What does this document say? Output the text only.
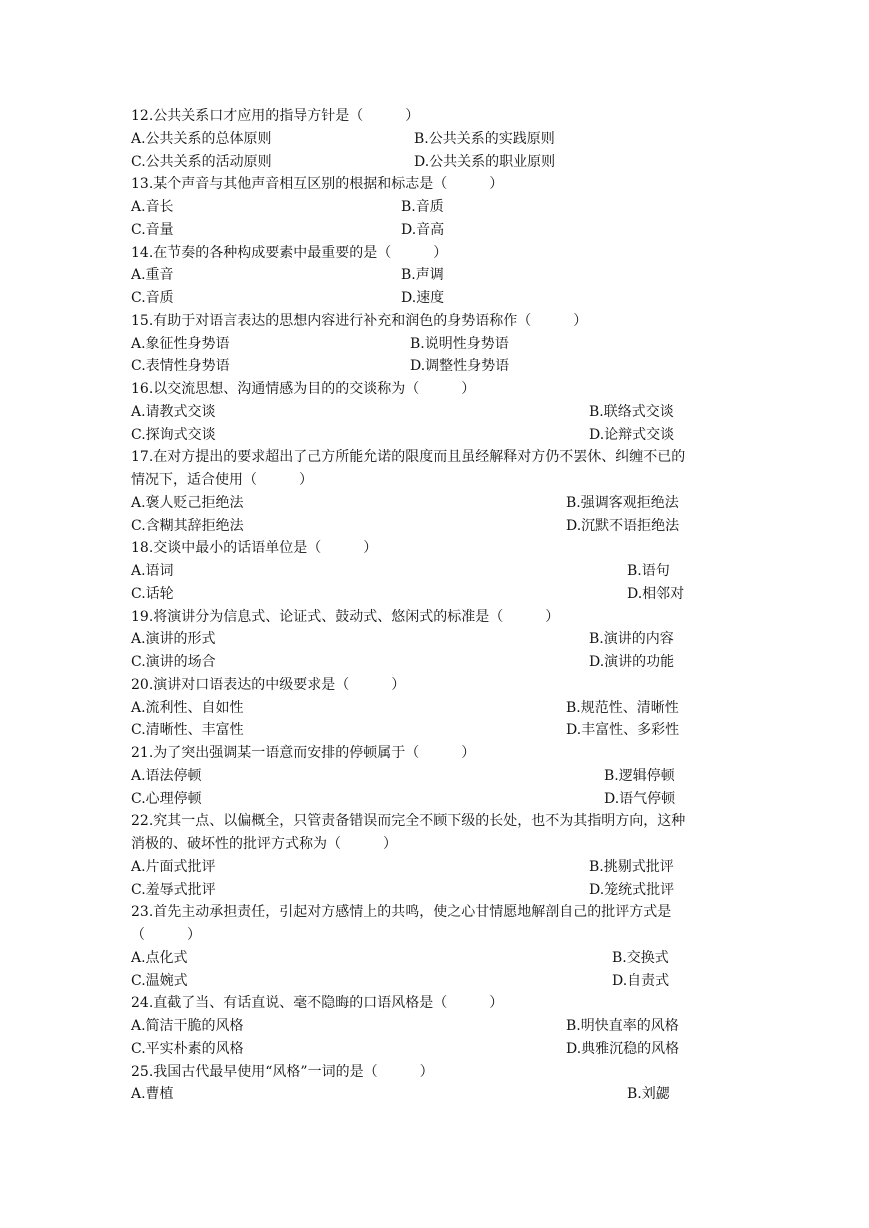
12.公共关系口才应用的指导方针是（　　　）
A.公共关系的总体原则	B.公共关系的实践原则
C.公共关系的活动原则	D.公共关系的职业原则
13.某个声音与其他声音相互区别的根据和标志是（　　　）
A.音长	B.音质
C.音量	D.音高
14.在节奏的各种构成要素中最重要的是（　　　）
A.重音	B.声调
C.音质	D.速度
15.有助于对语言表达的思想内容进行补充和润色的身势语称作（　　　）
A.象征性身势语	B.说明性身势语
C.表情性身势语	D.调整性身势语
16.以交流思想、沟通情感为目的的交谈称为（　　　）
A.请教式交谈	B.联络式交谈
C.探询式交谈	D.论辩式交谈
17.在对方提出的要求超出了己方所能允诺的限度而且虽经解释对方仍不罢休、纠缠不已的
情况下，适合使用（　　　）
A.褒人贬己拒绝法	B.强调客观拒绝法
C.含糊其辞拒绝法	D.沉默不语拒绝法
18.交谈中最小的话语单位是（　　　）
A.语词	B.语句
C.话轮	D.相邻对
19.将演讲分为信息式、论证式、鼓动式、悠闲式的标准是（　　　）
A.演讲的形式	B.演讲的内容
C.演讲的场合	D.演讲的功能
20.演讲对口语表达的中级要求是（　　　）
A.流利性、自如性	B.规范性、清晰性
C.清晰性、丰富性	D.丰富性、多彩性
21.为了突出强调某一语意而安排的停顿属于（　　　）
A.语法停顿	B.逻辑停顿
C.心理停顿	D.语气停顿
22.究其一点、以偏概全，只管责备错误而完全不顾下级的长处，也不为其指明方向，这种
消极的、破坏性的批评方式称为（　　　）
A.片面式批评	B.挑剔式批评
C.羞辱式批评	D.笼统式批评
23.首先主动承担责任，引起对方感情上的共鸣，使之心甘情愿地解剖自己的批评方式是
（　　　）
A.点化式	B.交换式
C.温婉式	D.自责式
24.直截了当、有话直说、毫不隐晦的口语风格是（　　　）
A.简洁干脆的风格	B.明快直率的风格
C.平实朴素的风格	D.典雅沉稳的风格
25.我国古代最早使用“风格”一词的是（　　　）
A.曹植	B.刘勰
